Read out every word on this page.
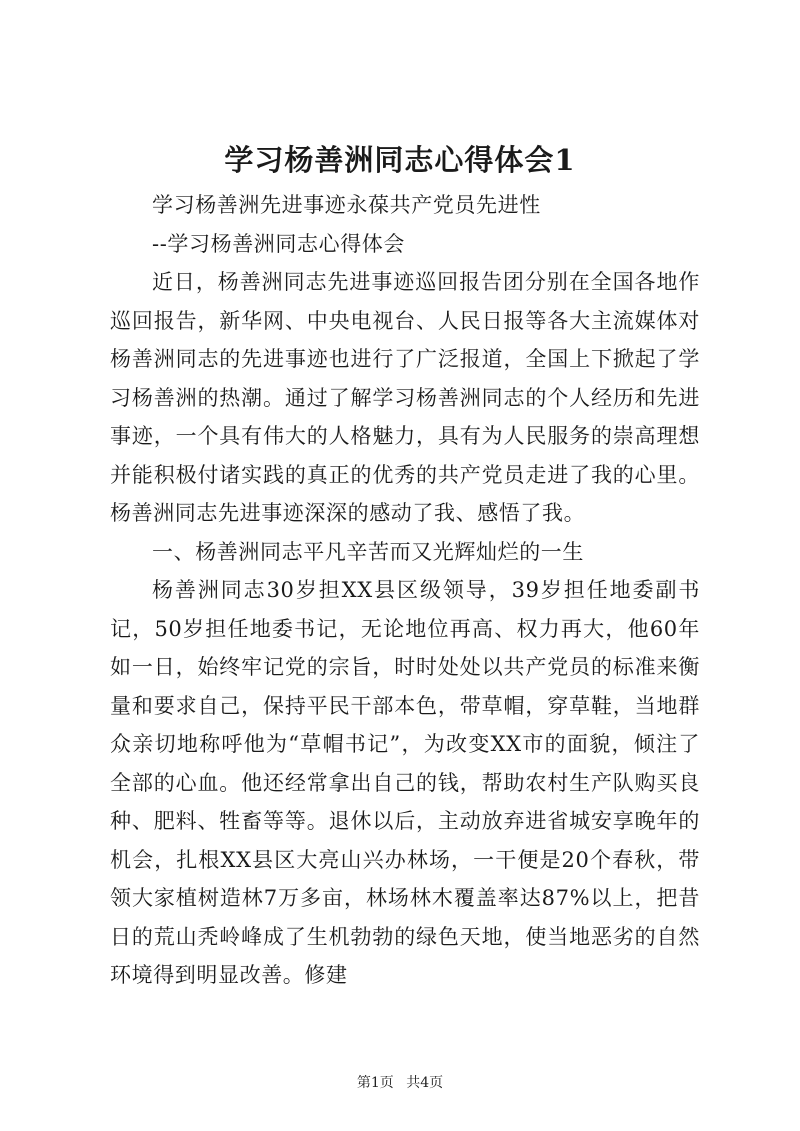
学习杨善洲同志心得体会1

学习杨善洲先进事迹永葆共产党员先进性

--学习杨善洲同志心得体会

近日，杨善洲同志先进事迹巡回报告团分别在全国各地作巡回报告，新华网、中央电视台、人民日报等各大主流媒体对杨善洲同志的先进事迹也进行了广泛报道，全国上下掀起了学习杨善洲的热潮。通过了解学习杨善洲同志的个人经历和先进事迹，一个具有伟大的人格魅力，具有为人民服务的崇高理想并能积极付诸实践的真正的优秀的共产党员走进了我的心里。杨善洲同志先进事迹深深的感动了我、感悟了我。

一、杨善洲同志平凡辛苦而又光辉灿烂的一生

杨善洲同志30岁担XX县区级领导，39岁担任地委副书记，50岁担任地委书记，无论地位再高、权力再大，他60年如一日，始终牢记党的宗旨，时时处处以共产党员的标准来衡量和要求自己，保持平民干部本色，带草帽，穿草鞋，当地群众亲切地称呼他为“草帽书记”，为改变XX市的面貌，倾注了全部的心血。他还经常拿出自己的钱，帮助农村生产队购买良种、肥料、牲畜等等。退休以后，主动放弃进省城安享晚年的机会，扎根XX县区大亮山兴办林场，一干便是20个春秋，带领大家植树造林7万多亩，林场林木覆盖率达87%以上，把昔日的荒山秃岭峰成了生机勃勃的绿色天地，使当地恶劣的自然环境得到明显改善。修建

第1页 共4页
